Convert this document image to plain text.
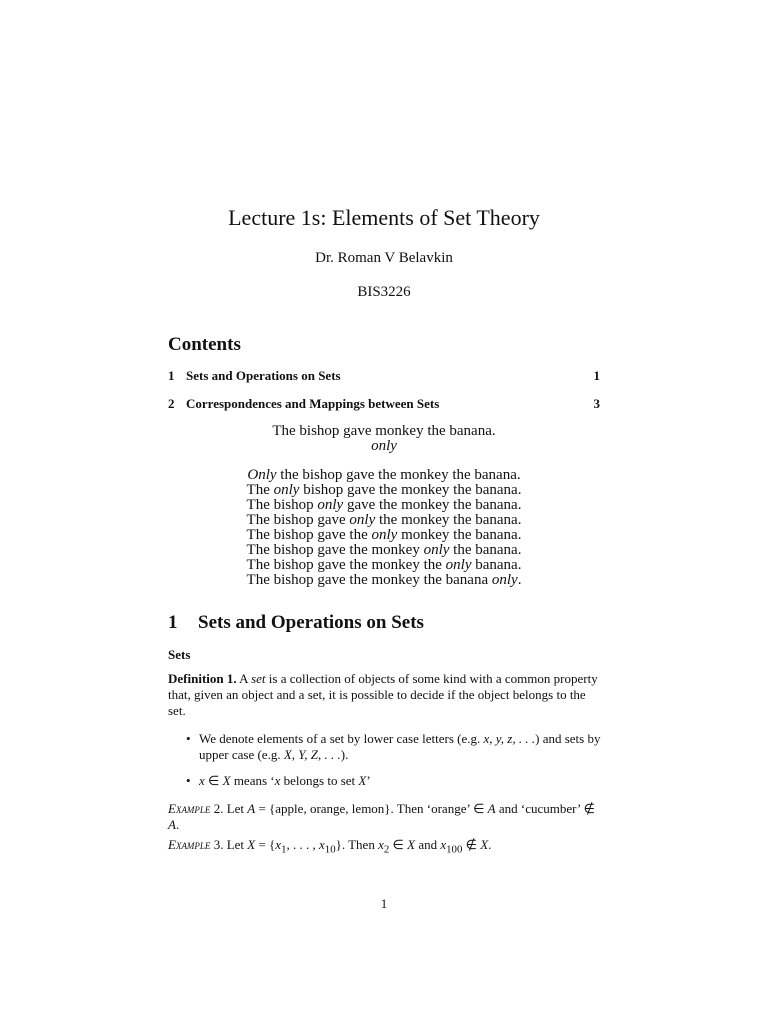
Lecture 1s: Elements of Set Theory
Dr. Roman V Belavkin
BIS3226
Contents
1 Sets and Operations on Sets	1
2 Correspondences and Mappings between Sets	3
The bishop gave monkey the banana.
only
Only the bishop gave the monkey the banana.
The only bishop gave the monkey the banana.
The bishop only gave the monkey the banana.
The bishop gave only the monkey the banana.
The bishop gave the only monkey the banana.
The bishop gave the monkey only the banana.
The bishop gave the monkey the only banana.
The bishop gave the monkey the banana only.
1 Sets and Operations on Sets
Sets
Definition 1. A set is a collection of objects of some kind with a common property that, given an object and a set, it is possible to decide if the object belongs to the set.
• We denote elements of a set by lower case letters (e.g. x, y, z, . . .) and sets by upper case (e.g. X, Y, Z, . . .).
• x ∈ X means ‘x belongs to set X’
Example 2. Let A = {apple, orange, lemon}. Then ‘orange’ ∈ A and ‘cucumber’ ∉ A.
Example 3. Let $X = \{x_1$, . . . , $x_{10}$}. Then $x_2$ ∈ X and $x_{100}$ ∉ X.
1
